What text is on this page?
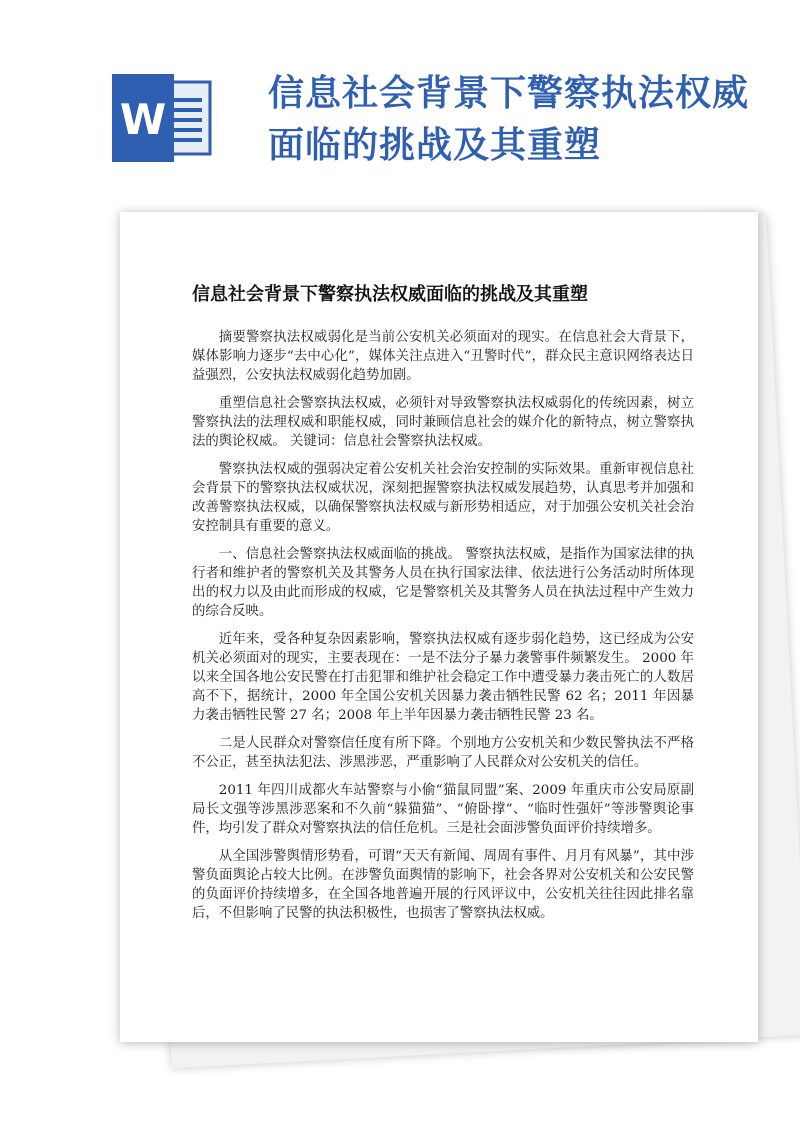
W
信息社会背景下警察执法权威
面临的挑战及其重塑
信息社会背景下警察执法权威面临的挑战及其重塑

摘要警察执法权威弱化是当前公安机关必须面对的现实。在信息社会大背景下，媒体影响力逐步“去中心化”，媒体关注点进入“丑警时代”，群众民主意识网络表达日益强烈，公安执法权威弱化趋势加剧。

重塑信息社会警察执法权威，必须针对导致警察执法权威弱化的传统因素，树立警察执法的法理权威和职能权威，同时兼顾信息社会的媒介化的新特点，树立警察执法的舆论权威。 关键词：信息社会警察执法权威。

警察执法权威的强弱决定着公安机关社会治安控制的实际效果。重新审视信息社会背景下的警察执法权威状况，深刻把握警察执法权威发展趋势，认真思考并加强和改善警察执法权威，以确保警察执法权威与新形势相适应，对于加强公安机关社会治安控制具有重要的意义。

一、信息社会警察执法权威面临的挑战。 警察执法权威，是指作为国家法律的执行者和维护者的警察机关及其警务人员在执行国家法律、依法进行公务活动时所体现出的权力以及由此而形成的权威，它是警察机关及其警务人员在执法过程中产生效力的综合反映。

近年来，受各种复杂因素影响，警察执法权威有逐步弱化趋势，这已经成为公安机关必须面对的现实，主要表现在：一是不法分子暴力袭警事件频繁发生。 2000 年以来全国各地公安民警在打击犯罪和维护社会稳定工作中遭受暴力袭击死亡的人数居高不下，据统计，2000 年全国公安机关因暴力袭击牺牲民警 62 名；2011 年因暴力袭击牺牲民警 27 名；2008 年上半年因暴力袭击牺牲民警 23 名。

二是人民群众对警察信任度有所下降。个别地方公安机关和少数民警执法不严格不公正，甚至执法犯法、涉黑涉恶，严重影响了人民群众对公安机关的信任。

2011 年四川成都火车站警察与小偷“猫鼠同盟”案、2009 年重庆市公安局原副局长文强等涉黑涉恶案和不久前“躲猫猫”、“俯卧撑”、“临时性强奸”等涉警舆论事件，均引发了群众对警察执法的信任危机。三是社会面涉警负面评价持续增多。

从全国涉警舆情形势看，可谓“天天有新闻、周周有事件、月月有风暴”，其中涉警负面舆论占较大比例。在涉警负面舆情的影响下，社会各界对公安机关和公安民警的负面评价持续增多，在全国各地普遍开展的行风评议中，公安机关往往因此排名靠后，不但影响了民警的执法积极性，也损害了警察执法权威。
